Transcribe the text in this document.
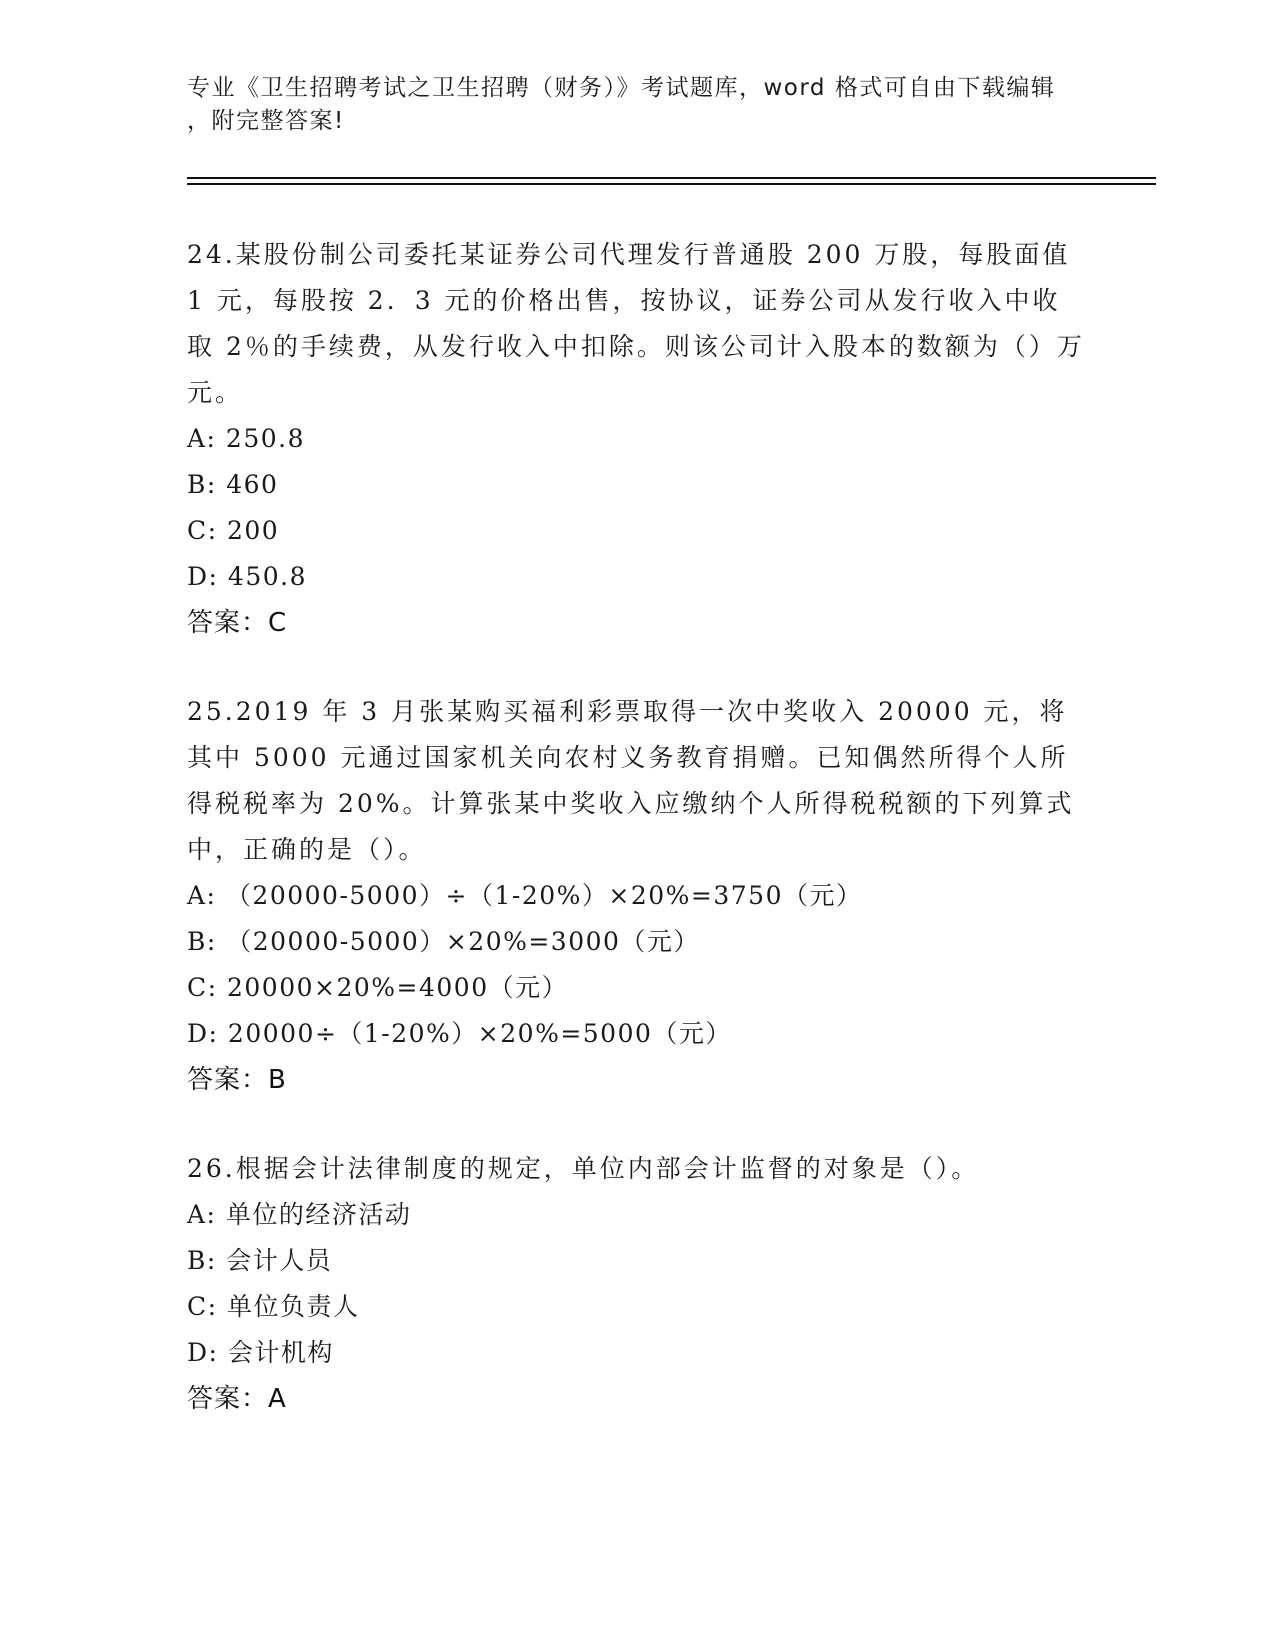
专业《卫生招聘考试之卫生招聘（财务）》考试题库，word 格式可自由下载编辑
，附完整答案!
24.某股份制公司委托某证券公司代理发行普通股 200 万股，每股面值 1 元，每股按 2．3 元的价格出售，按协议，证券公司从发行收入中收取 2％的手续费，从发行收入中扣除。则该公司计入股本的数额为（）万元。
A: 250.8
B: 460
C: 200
D: 450.8
答案：C
25.2019 年 3 月张某购买福利彩票取得一次中奖收入 20000 元，将其中 5000 元通过国家机关向农村义务教育捐赠。已知偶然所得个人所得税税率为 20%。计算张某中奖收入应缴纳个人所得税税额的下列算式中，正确的是（）。
A: （20000-5000）÷（1-20%）×20%=3750（元）
B: （20000-5000）×20%=3000（元）
C: 20000×20%=4000（元）
D: 20000÷（1-20%）×20%=5000（元）
答案：B
26.根据会计法律制度的规定，单位内部会计监督的对象是（）。
A: 单位的经济活动
B: 会计人员
C: 单位负责人
D: 会计机构
答案：A
